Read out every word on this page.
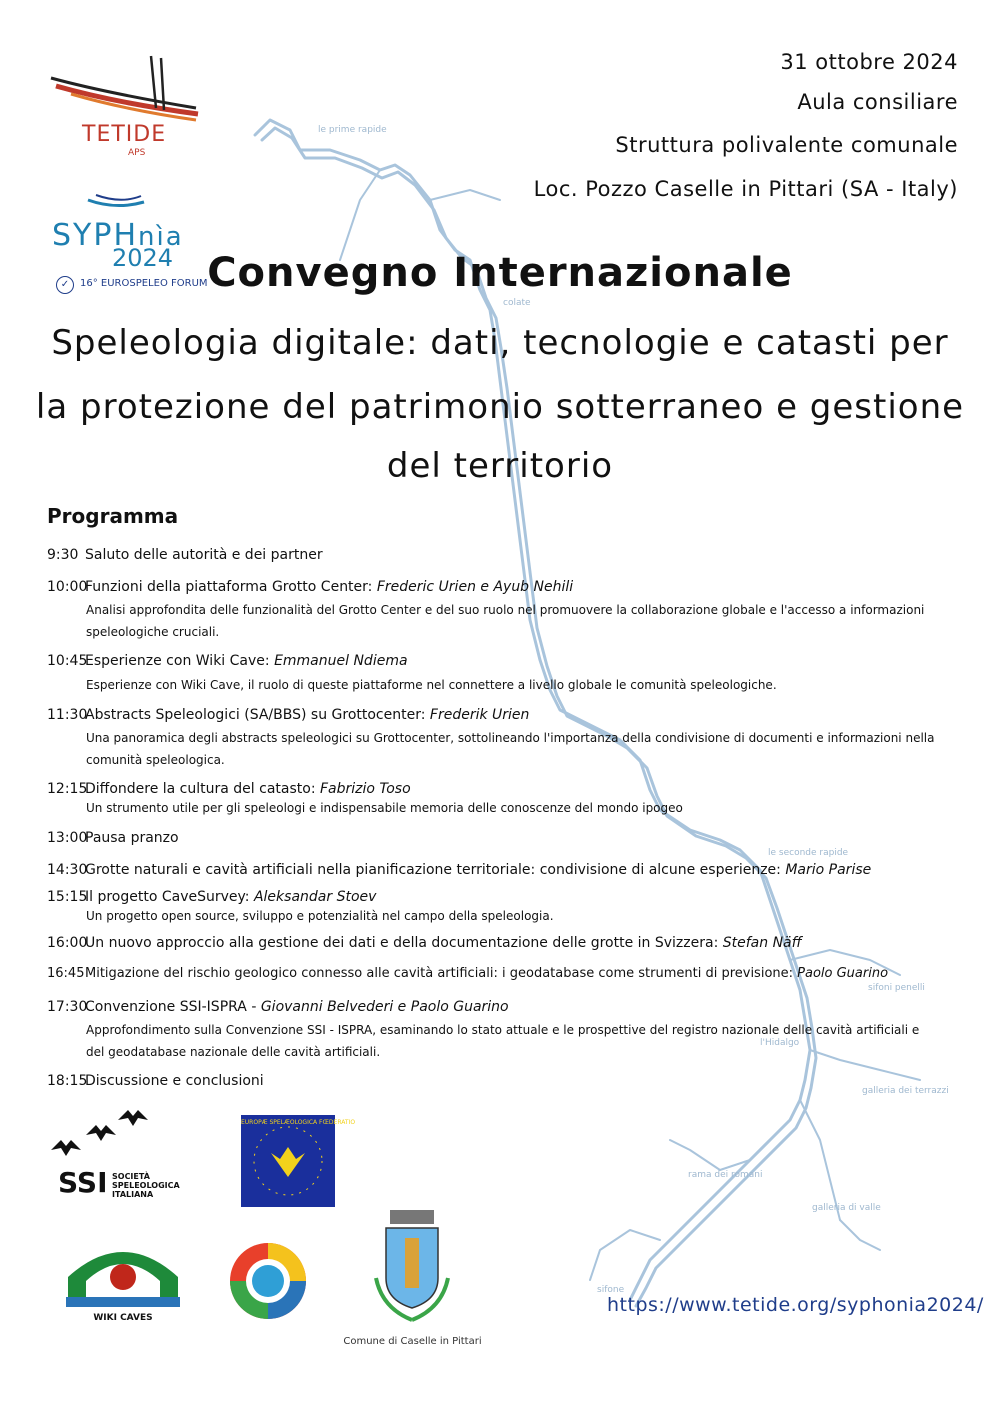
le prime rapide
colate
le seconde rapide
sifoni penelli
l'Hidalgo
galleria dei terrazzi
rama dei romani
galleria di valle
sifone
TETIDE
APS
SYPHnìa
2024
✓	16° EUROSPELEO FORUM
31 ottobre 2024
Aula consiliare
Struttura polivalente comunale
Loc. Pozzo Caselle in Pittari (SA - Italy)
Convegno Internazionale
Speleologia digitale: dati, tecnologie e catasti per
la protezione del patrimonio sotterraneo e gestione
del territorio
Programma
9:30 Saluto delle autorità e dei partner
10:00Funzioni della piattaforma Grotto Center: Frederic Urien e Ayub Nehili
Analisi approfondita delle funzionalità del Grotto Center e del suo ruolo nel promuovere la collaborazione globale e l'accesso a informazioni
speleologiche cruciali.
10:45Esperienze con Wiki Cave: Emmanuel Ndiema
Esperienze con Wiki Cave, il ruolo di queste piattaforme nel connettere a livello globale le comunità speleologiche.
11:30Abstracts Speleologici (SA/BBS) su Grottocenter: Frederik Urien
Una panoramica degli abstracts speleologici su Grottocenter, sottolineando l'importanza della condivisione di documenti e informazioni nella
comunità speleologica.
12:15Diffondere la cultura del catasto: Fabrizio Toso
Un strumento utile per gli speleologi e indispensabile memoria delle conoscenze del mondo ipogeo
13:00Pausa pranzo
14:30Grotte naturali e cavità artificiali nella pianificazione territoriale: condivisione di alcune esperienze: Mario Parise
15:15Il progetto CaveSurvey: Aleksandar Stoev
Un progetto open source, sviluppo e potenzialità nel campo della speleologia.
16:00Un nuovo approccio alla gestione dei dati e della documentazione delle grotte in Svizzera: Stefan Näff
16:45Mitigazione del rischio geologico connesso alle cavità artificiali: i geodatabase come strumenti di previsione: Paolo Guarino
17:30Convenzione SSI-ISPRA - Giovanni Belvederi e Paolo Guarino
Approfondimento sulla Convenzione SSI - ISPRA, esaminando lo stato attuale e le prospettive del registro nazionale delle cavità artificiali e
del geodatabase nazionale delle cavità artificiali.
18:15Discussione e conclusioni
SSI SOCIETÀ
SPELEOLOGICA
ITALIANA
EUROPÆ SPELÆOLOGICA FŒDERATIO
WIKI CAVES
Comune di Caselle in Pittari
https://www.tetide.org/syphonia2024/
